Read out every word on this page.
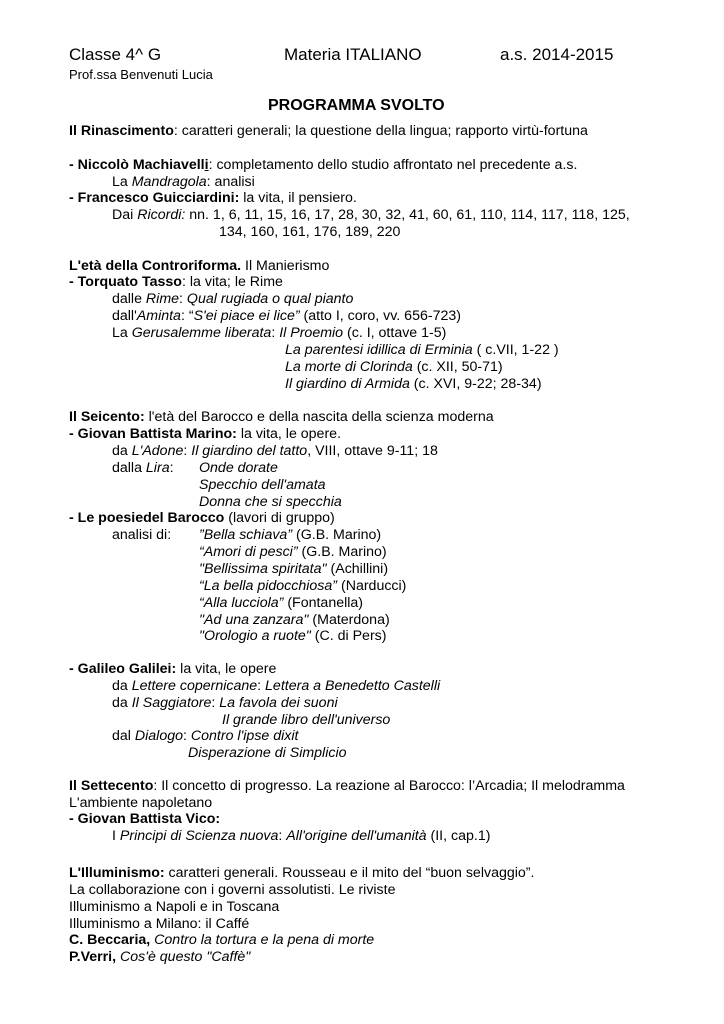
Classe 4^ G	Materia ITALIANO	a.s. 2014-2015
Prof.ssa Benvenuti Lucia
PROGRAMMA SVOLTO
Il Rinascimento: caratteri generali; la questione della lingua; rapporto virtù-fortuna
- Niccolò Machiavelli: completamento dello studio affrontato nel precedente a.s.
La Mandragola: analisi
- Francesco Guicciardini: la vita, il pensiero.
Dai Ricordi: nn. 1, 6, 11, 15, 16, 17, 28, 30, 32, 41, 60, 61, 110, 114, 117, 118, 125,
134, 160, 161, 176, 189, 220
L'età della Controriforma. Il Manierismo
- Torquato Tasso: la vita; le Rime
dalle Rime: Qual rugiada o qual pianto
dall'Aminta: “S'ei piace ei lice” (atto I, coro, vv. 656-723)
La Gerusalemme liberata: Il Proemio (c. I, ottave 1-5)
La parentesi idillica di Erminia ( c.VII, 1-22 )
La morte di Clorinda (c. XII, 50-71)
Il giardino di Armida (c. XVI, 9-22; 28-34)
Il Seicento: l'età del Barocco e della nascita della scienza moderna
- Giovan Battista Marino: la vita, le opere.
da L'Adone: Il giardino del tatto, VIII, ottave 9-11; 18
dalla Lira: Onde dorate
Specchio dell'amata
Donna che si specchia
- Le poesiedel Barocco (lavori di gruppo)
analisi di: ”Bella schiava” (G.B. Marino)
“Amori di pesci” (G.B. Marino)
"Bellissima spiritata" (Achillini)
“La bella pidocchiosa” (Narducci)
“Alla lucciola” (Fontanella)
"Ad una zanzara" (Materdona)
"Orologio a ruote" (C. di Pers)
- Galileo Galilei: la vita, le opere
da Lettere copernicane: Lettera a Benedetto Castelli
da Il Saggiatore: La favola dei suoni
Il grande libro dell'universo
dal Dialogo: Contro l'ipse dixit
Disperazione di Simplicio
Il Settecento: Il concetto di progresso. La reazione al Barocco: l’Arcadia; Il melodramma
L'ambiente napoletano
- Giovan Battista Vico:
I Principi di Scienza nuova: All'origine dell'umanità (II, cap.1)
L'Illuminismo: caratteri generali. Rousseau e il mito del “buon selvaggio”.
La collaborazione con i governi assolutisti. Le riviste
Illuminismo a Napoli e in Toscana
Illuminismo a Milano: il Caffé
C. Beccaria, Contro la tortura e la pena di morte
P.Verri, Cos'è questo "Caffè"
